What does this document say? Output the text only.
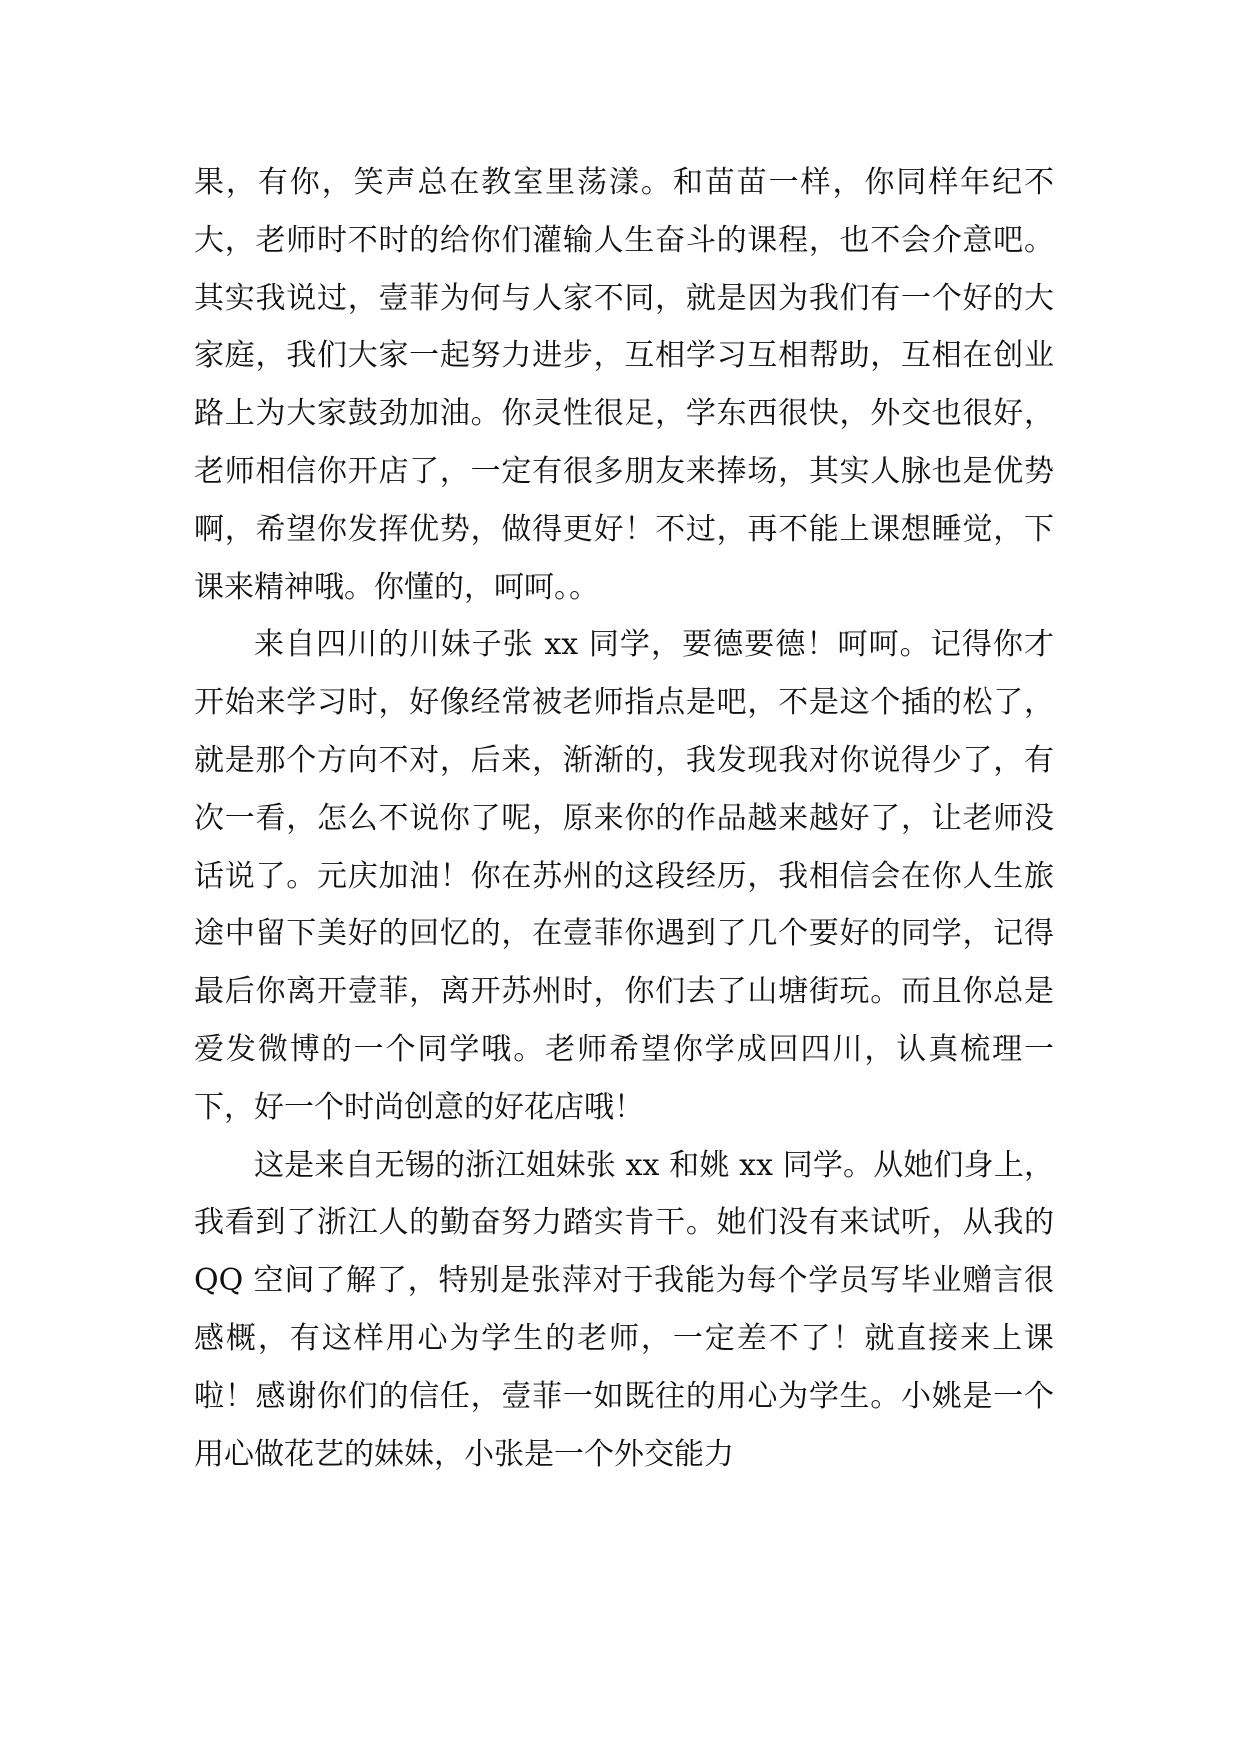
果，有你，笑声总在教室里荡漾。和苗苗一样，你同样年纪不大，老师时不时的给你们灌输人生奋斗的课程，也不会介意吧。其实我说过，壹菲为何与人家不同，就是因为我们有一个好的大家庭，我们大家一起努力进步，互相学习互相帮助，互相在创业路上为大家鼓劲加油。你灵性很足，学东西很快，外交也很好，老师相信你开店了，一定有很多朋友来捧场，其实人脉也是优势啊，希望你发挥优势，做得更好！不过，再不能上课想睡觉，下课来精神哦。你懂的，呵呵。。

来自四川的川妹子张 xx 同学，要德要德！呵呵。记得你才开始来学习时，好像经常被老师指点是吧，不是这个插的松了，就是那个方向不对，后来，渐渐的，我发现我对你说得少了，有次一看，怎么不说你了呢，原来你的作品越来越好了，让老师没话说了。元庆加油！你在苏州的这段经历，我相信会在你人生旅途中留下美好的回忆的，在壹菲你遇到了几个要好的同学，记得最后你离开壹菲，离开苏州时，你们去了山塘街玩。而且你总是爱发微博的一个同学哦。老师希望你学成回四川，认真梳理一下，好一个时尚创意的好花店哦！

这是来自无锡的浙江姐妹张 xx 和姚 xx 同学。从她们身上，我看到了浙江人的勤奋努力踏实肯干。她们没有来试听，从我的 QQ 空间了解了，特别是张萍对于我能为每个学员写毕业赠言很感概，有这样用心为学生的老师，一定差不了！就直接来上课啦！感谢你们的信任，壹菲一如既往的用心为学生。小姚是一个用心做花艺的妹妹，小张是一个外交能力
